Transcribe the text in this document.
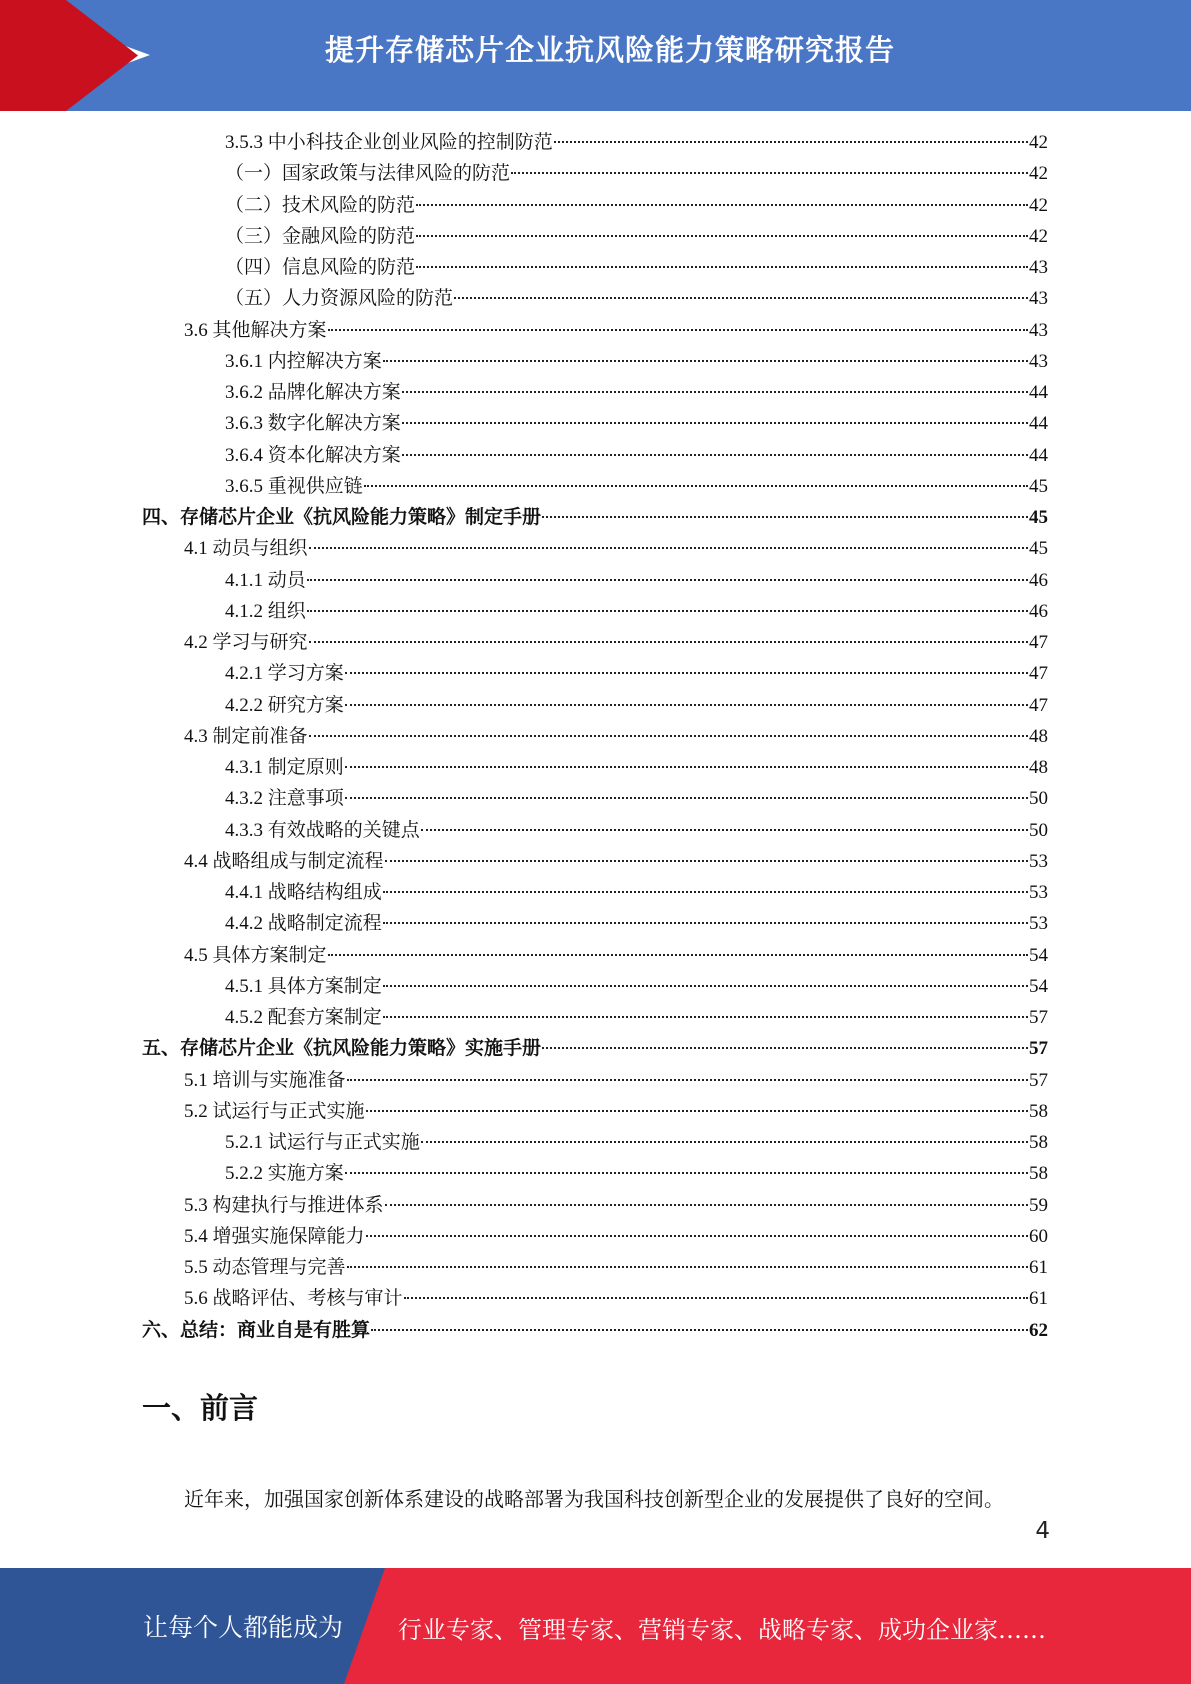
提升存储芯片企业抗风险能力策略研究报告
3.5.3 中小科技企业创业风险的控制防范	42
（一）国家政策与法律风险的防范	42
（二）技术风险的防范	42
（三）金融风险的防范	42
（四）信息风险的防范	43
（五）人力资源风险的防范	43
3.6 其他解决方案	43
3.6.1 内控解决方案	43
3.6.2 品牌化解决方案	44
3.6.3 数字化解决方案	44
3.6.4 资本化解决方案	44
3.6.5 重视供应链	45
四、存储芯片企业《抗风险能力策略》制定手册	45
4.1 动员与组织	45
4.1.1 动员	46
4.1.2 组织	46
4.2 学习与研究	47
4.2.1 学习方案	47
4.2.2 研究方案	47
4.3 制定前准备	48
4.3.1 制定原则	48
4.3.2 注意事项	50
4.3.3 有效战略的关键点	50
4.4 战略组成与制定流程	53
4.4.1 战略结构组成	53
4.4.2 战略制定流程	53
4.5 具体方案制定	54
4.5.1 具体方案制定	54
4.5.2 配套方案制定	57
五、存储芯片企业《抗风险能力策略》实施手册	57
5.1 培训与实施准备	57
5.2 试运行与正式实施	58
5.2.1 试运行与正式实施	58
5.2.2 实施方案	58
5.3 构建执行与推进体系	59
5.4 增强实施保障能力	60
5.5 动态管理与完善	61
5.6 战略评估、考核与审计	61
六、总结：商业自是有胜算	62
一、前言
近年来，加强国家创新体系建设的战略部署为我国科技创新型企业的发展提供了良好的空间。
4
让每个人都能成为 行业专家、管理专家、营销专家、战略专家、成功企业家……
